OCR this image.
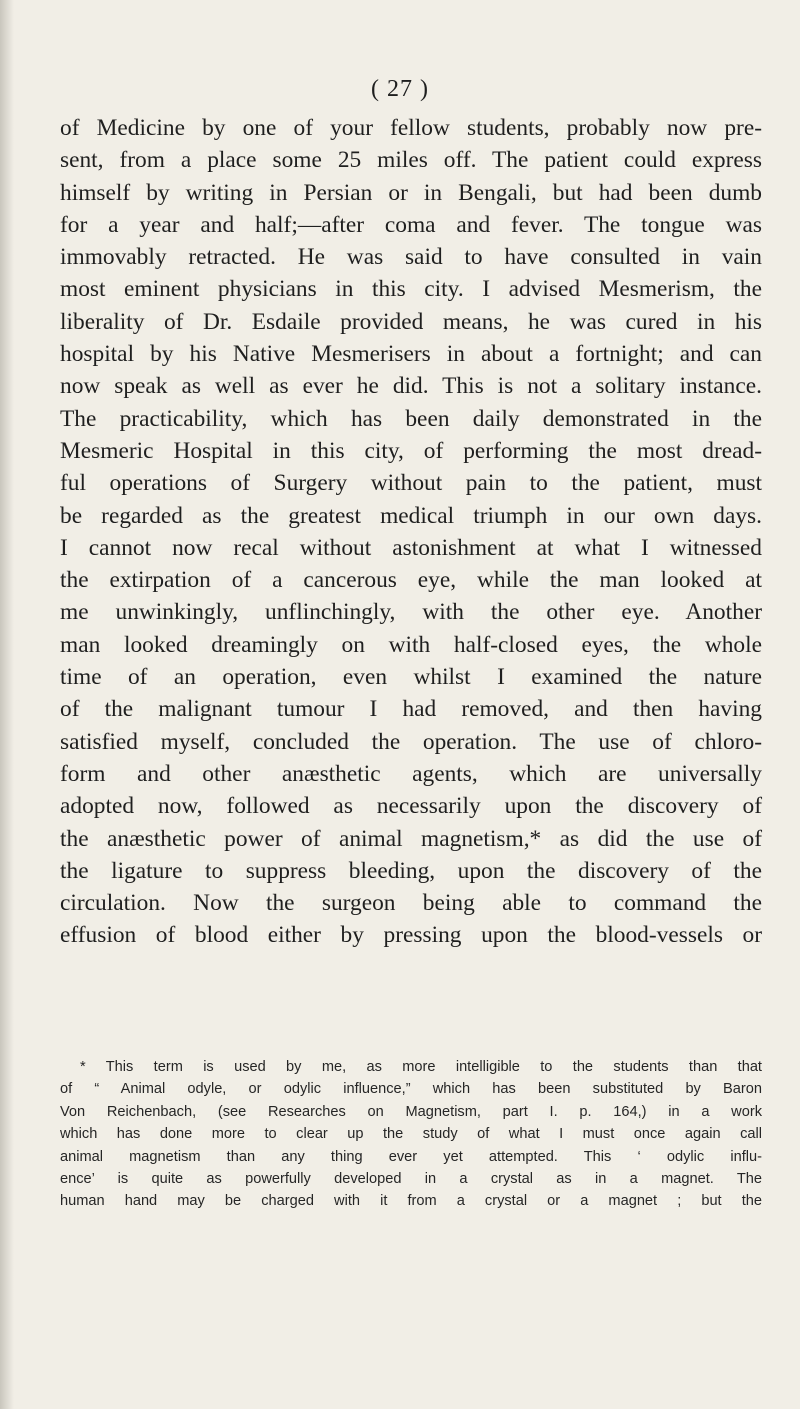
( 27 )
of Medicine by one of your fellow students, probably now pre-
sent, from a place some 25 miles off. The patient could express
himself by writing in Persian or in Bengali, but had been dumb
for a year and half;—after coma and fever. The tongue was
immovably retracted. He was said to have consulted in vain
most eminent physicians in this city. I advised Mesmerism, the
liberality of Dr. Esdaile provided means, he was cured in his
hospital by his Native Mesmerisers in about a fortnight; and can
now speak as well as ever he did. This is not a solitary instance.
The practicability, which has been daily demonstrated in the
Mesmeric Hospital in this city, of performing the most dread-
ful operations of Surgery without pain to the patient, must
be regarded as the greatest medical triumph in our own days.
I cannot now recal without astonishment at what I witnessed
the extirpation of a cancerous eye, while the man looked at
me unwinkingly, unflinchingly, with the other eye. Another
man looked dreamingly on with half-closed eyes, the whole
time of an operation, even whilst I examined the nature
of the malignant tumour I had removed, and then having
satisfied myself, concluded the operation. The use of chloro-
form and other anæsthetic agents, which are universally
adopted now, followed as necessarily upon the discovery of
the anæsthetic power of animal magnetism,* as did the use of
the ligature to suppress bleeding, upon the discovery of the
circulation. Now the surgeon being able to command the
effusion of blood either by pressing upon the blood-vessels or
* This term is used by me, as more intelligible to the students than that
of “ Animal odyle, or odylic influence,” which has been substituted by Baron
Von Reichenbach, (see Researches on Magnetism, part I. p. 164,) in a work
which has done more to clear up the study of what I must once again call
animal magnetism than any thing ever yet attempted. This ‘ odylic influ-
ence’ is quite as powerfully developed in a crystal as in a magnet. The
human hand may be charged with it from a crystal or a magnet ; but the
